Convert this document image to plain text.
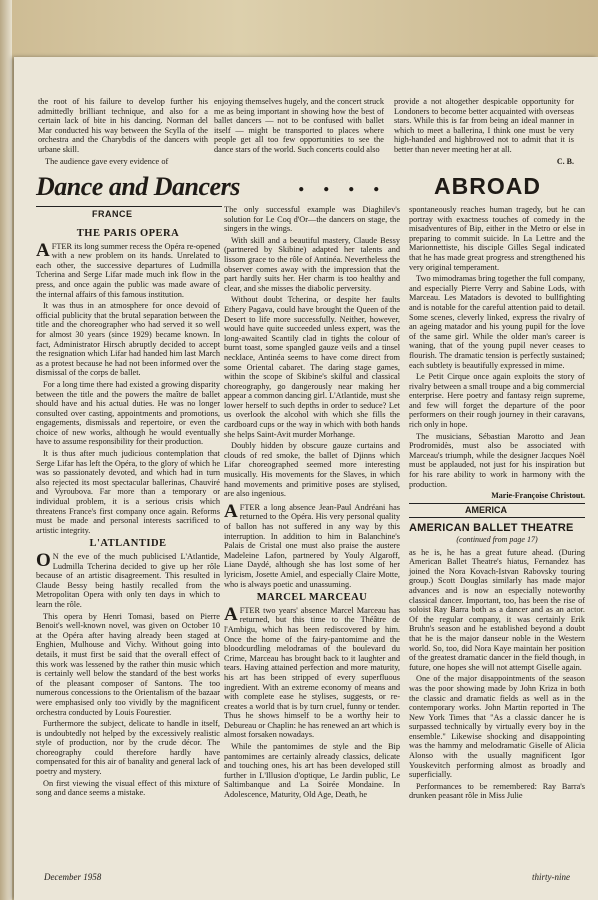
the root of his failure to develop further his admittedly brilliant technique, and also for a certain lack of bite in his dancing. Norman del Mar conducted his way between the Scylla of the orchestra and the Charybdis of the dancers with urbane skill.

The audience gave every evidence of

enjoying themselves hugely, and the concert struck me as being important in showing how the best of ballet dancers — not to be confused with ballet itself — might be transported to places where people get all too few opportunities to see the dance stars of the world. Such concerts could also

provide a not altogether despicable opportunity for Londoners to become better acquainted with overseas stars. While this is far from being an ideal manner in which to meet a ballerina, I think one must be very high-handed and highbrowed not to admit that it is better than never meeting her at all.

C. B.
Dance and Dancers . . . . ABROAD
FRANCE
THE PARIS OPERA

AFTER its long summer recess the Opéra re-opened with a new problem on its hands. Unrelated to each other, the successive departures of Ludmilla Tcherina and Serge Lifar made much ink flow in the press, and once again the public was made aware of the internal affairs of this famous institution.

It was thus in an atmosphere for once devoid of official publicity that the brutal separation between the title and the choreographer who had served it so well for almost 30 years (since 1929) became known. In fact, Administrator Hirsch abruptly decided to accept the resignation which Lifar had handed him last March as a protest because he had not been informed over the dismissal of the corps de ballet.

For a long time there had existed a growing disparity between the title and the powers the maître de ballet should have and his actual duties. He was no longer consulted over casting, appointments and promotions, engagements, dismissals and repertoire, or even the choice of new works, although he would eventually have to assume responsibility for their production.

It is thus after much judicious contemplation that Serge Lifar has left the Opéra, to the glory of which he was so passionately devoted, and which had in turn also rejected its most spectacular ballerinas, Chauviré and Vyroubova. Far more than a temporary or individual problem, it is a serious crisis which threatens France's first company once again. Reforms must be made and personal interests sacrificed to artistic integrity.

L'ATLANTIDE

O N the eve of the much publicised L'Atlantide, Ludmilla Tcherina decided to give up her rôle because of an artistic disagreement. This resulted in Claude Bessy being hastily recalled from the Metropolitan Opera with only ten days in which to learn the rôle.

This opera by Henri Tomasi, based on Pierre Benoit's well-known novel, was given on October 10 at the Opéra after having already been staged at Enghien, Mulhouse and Vichy. Without going into details, it must first be said that the overall effect of this work was lessened by the rather thin music which is certainly well below the standard of the best works of the pleasant composer of Santons. The too numerous concessions to the Orientalism of the bazaar were emphasised only too vividly by the magnificent orchestra conducted by Louis Fourestier.

Furthermore the subject, delicate to handle in itself, is undoubtedly not helped by the excessively realistic style of production, nor by the crude décor. The choreography could therefore hardly have compensated for this air of banality and general lack of poetry and mystery.

On first viewing the visual effect of this mixture of song and dance seems a mistake.

The only successful example was Diaghilev's solution for Le Coq d'Or—the dancers on stage, the singers in the wings.

With skill and a beautiful mastery, Claude Bessy (partnered by Skibine) adapted her talents and lissom grace to the rôle of Antinéa. Nevertheless the observer comes away with the impression that the part hardly suits her. Her charm is too healthy and clear, and she misses the diabolic perversity.

Without doubt Tcherina, or despite her faults Ethery Pagava, could have brought the Queen of the Desert to life more successfully. Neither, however, would have quite succeeded unless expert, was the long-awaited Scantily clad in tights the colour of burnt toast, some spangled gauze veils and a tinsel necklace, Antinéa seems to have come direct from some Oriental cabaret. The daring stage games, within the scope of Skibine's skilful and classical choreography, go dangerously near making her appear a common dancing girl. L'Atlantide, must she lower herself to such depths in order to seduce? Let us overlook the alcohol with which she fills the cardboard cups or the way in which with both hands she helps Saint-Avit murder Morhange.

Doubly hidden by obscure gauze curtains and clouds of red smoke, the ballet of Djinns which Lifar choreographed seemed more interesting musically. His movements for the Slaves, in which hand movements and primitive poses are stylised, are also ingenious.

AFTER a long absence Jean-Paul Andréani has returned to the Opéra. His very personal quality of ballon has not suffered in any way by this interruption. In addition to him in Balanchine's Palais de Cristal one must also praise the austere Madeleine Lafon, partnered by Youly Algaroff, Liane Daydé, although she has lost some of her lyricism, Josette Amiel, and especially Claire Motte, who is always poetic and unassuming.

MARCEL MARCEAU

AFTER two years' absence Marcel Marceau has returned, but this time to the Théâtre de l'Ambigu, which has been rediscovered by him. Once the home of the fairy-pantomime and the bloodcurdling melodramas of the boulevard du Crime, Marceau has brought back to it laughter and tears. Having attained perfection and more maturity, his art has been stripped of every superfluous ingredient. With an extreme economy of means and with complete ease he stylises, suggests, or re-creates a world that is by turn cruel, funny or tender. Thus he shows himself to be a worthy heir to Debureau or Chaplin: he has renewed an art which is almost forsaken nowadays.

While the pantomimes de style and the Bip pantomimes are certainly already classics, delicate and touching ones, his art has been developed still further in L'Illusion d'optique, Le Jardin public, Le Saltimbanque and La Soirée Mondaine. In Adolescence, Maturity, Old Age, Death, he

spontaneously reaches human tragedy, but he can portray with exactness touches of comedy in the misadventures of Bip, either in the Metro or else in preparing to commit suicide. In La Lettre and the Marionnettiste, his disciple Gilles Segal indicated that he has made great progress and strengthened his very original temperament.

Two mimodramas bring together the full company, and especially Pierre Verry and Sabine Lods, with Marceau. Les Matadors is devoted to bullfighting and is notable for the careful attention paid to detail. Some scenes, cleverly linked, express the rivalry of an ageing matador and his young pupil for the love of the same girl. While the older man's career is waning, that of the young pupil never ceases to flourish. The dramatic tension is perfectly sustained; each subtlety is beautifully expressed in mime.

Le Petit Cirque once again exploits the story of rivalry between a small troupe and a big commercial enterprise. Here poetry and fantasy reign supreme, and few will forget the departure of the poor performers on their rough journey in their caravans, rich only in hope.

The musicians, Sébastian Marotto and Jean Prodromidès, must also be associated with Marceau's triumph, while the designer Jacques Noël must be applauded, not just for his inspiration but for his rare ability to work in harmony with the production.

Marie-Françoise Christout.
AMERICA
AMERICAN BALLET THEATRE
(continued from page 17)

as he is, he has a great future ahead. (During American Ballet Theatre's hiatus, Fernandez has joined the Nora Kovach-Istvan Rabovsky touring group.) Scott Douglas similarly has made major advances and is now an especially noteworthy classical dancer. Important, too, has been the rise of soloist Ray Barra both as a dancer and as an actor. Of the regular company, it was certainly Erik Bruhn's season and he established beyond a doubt that he is the major danseur noble in the Western world. So, too, did Nora Kaye maintain her position of the greatest dramatic dancer in the field though, in future, one hopes she will not attempt Giselle again.

One of the major disappointments of the season was the poor showing made by John Kriza in both the classic and dramatic fields as well as in the contemporary works. John Martin reported in The New York Times that "As a classic dancer he is surpassed technically by virtually every boy in the ensemble." Likewise shocking and disappointing was the hammy and melodramatic Giselle of Alicia Alonso with the usually magnificent Igor Youskevitch performing almost as broadly and superficially.

Performances to be remembered: Ray Barra's drunken peasant rôle in Miss Julie

December 1958	thirty-nine
